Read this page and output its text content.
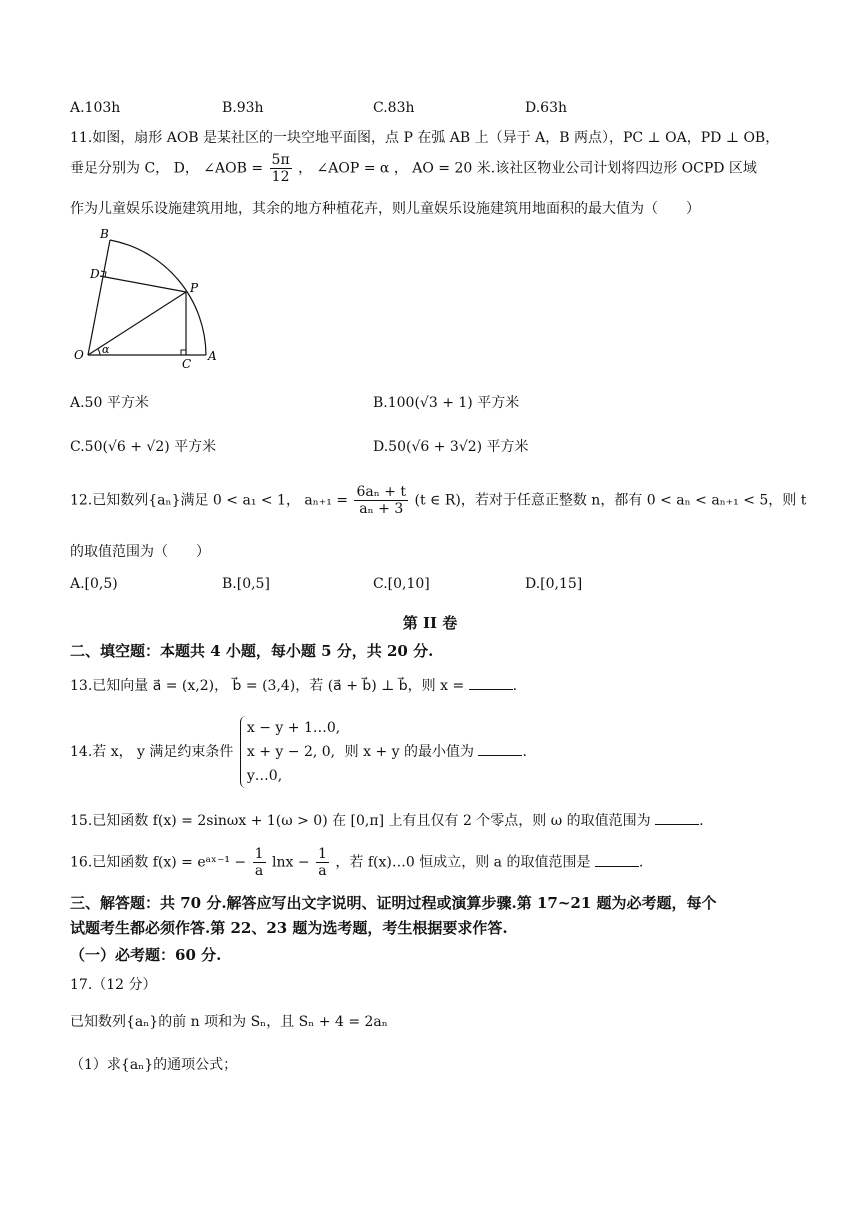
A.103h	B.93h	C.83h	D.63h
11.如图，扇形 AOB 是某社区的一块空地平面图，点 P 在弧 AB 上（异于 A，B 两点），PC ⊥ OA，PD ⊥ OB，
垂足分别为 C， D， ∠AOB = $\frac{5\pi}{12}$ ， ∠AOP = α ， AO = 20 米.该社区物业公司计划将四边形 OCPD 区域
作为儿童娱乐设施建筑用地，其余的地方种植花卉，则儿童娱乐设施建筑用地面积的最大值为（　　）
B
D
P
O α
C
A
A.50 平方米	B.100(√3 + 1) 平方米
C.50(√6 + √2) 平方米	D.50(√6 + 3√2) 平方米
12.已知数列{aₙ}满足 0 < a₁ < 1， $a_{n+1} = \frac{\text{6aₙ + t}}{\text{aₙ + 3}} (t$ ∈ R)，若对于任意正整数 n，都有 0 < aₙ < aₙ₊₁ < 5，则 t
的取值范围为（　　）
A.[0,5)	B.[0,5]	C.[0,10]	D.[0,15]
第 II 卷
二、填空题：本题共 4 小题，每小题 5 分，共 20 分.
13.已知向量 a⃗ = (x,2)， b⃗ = (3,4)，若 (a⃗ + b⃗) ⊥ b⃗，则 x =	.
14.若 x， y 满足约束条件
x − y + 1…0,
x + y − 2, 0,
y…0,
则 x + y 的最小值为	.
15.已知函数 f(x) = 2sinωx + 1(ω > 0) 在 [0,π] 上有且仅有 2 个零点，则 ω 的取值范围为	.
16.已知函数 f(x) = eᵃˣ⁻¹ − $\frac{1}{a}$ $\ln x - \frac{1}{a}$ ，若 f(x)…0 恒成立，则 a 的取值范围是	.
三、解答题：共 70 分.解答应写出文字说明、证明过程或演算步骤.第 17~21 题为必考题，每个
试题考生都必须作答.第 22、23 题为选考题，考生根据要求作答.
（一）必考题：60 分.
17.（12 分）
已知数列{aₙ}的前 n 项和为 Sₙ，且 Sₙ + 4 = 2aₙ
（1）求{aₙ}的通项公式；
